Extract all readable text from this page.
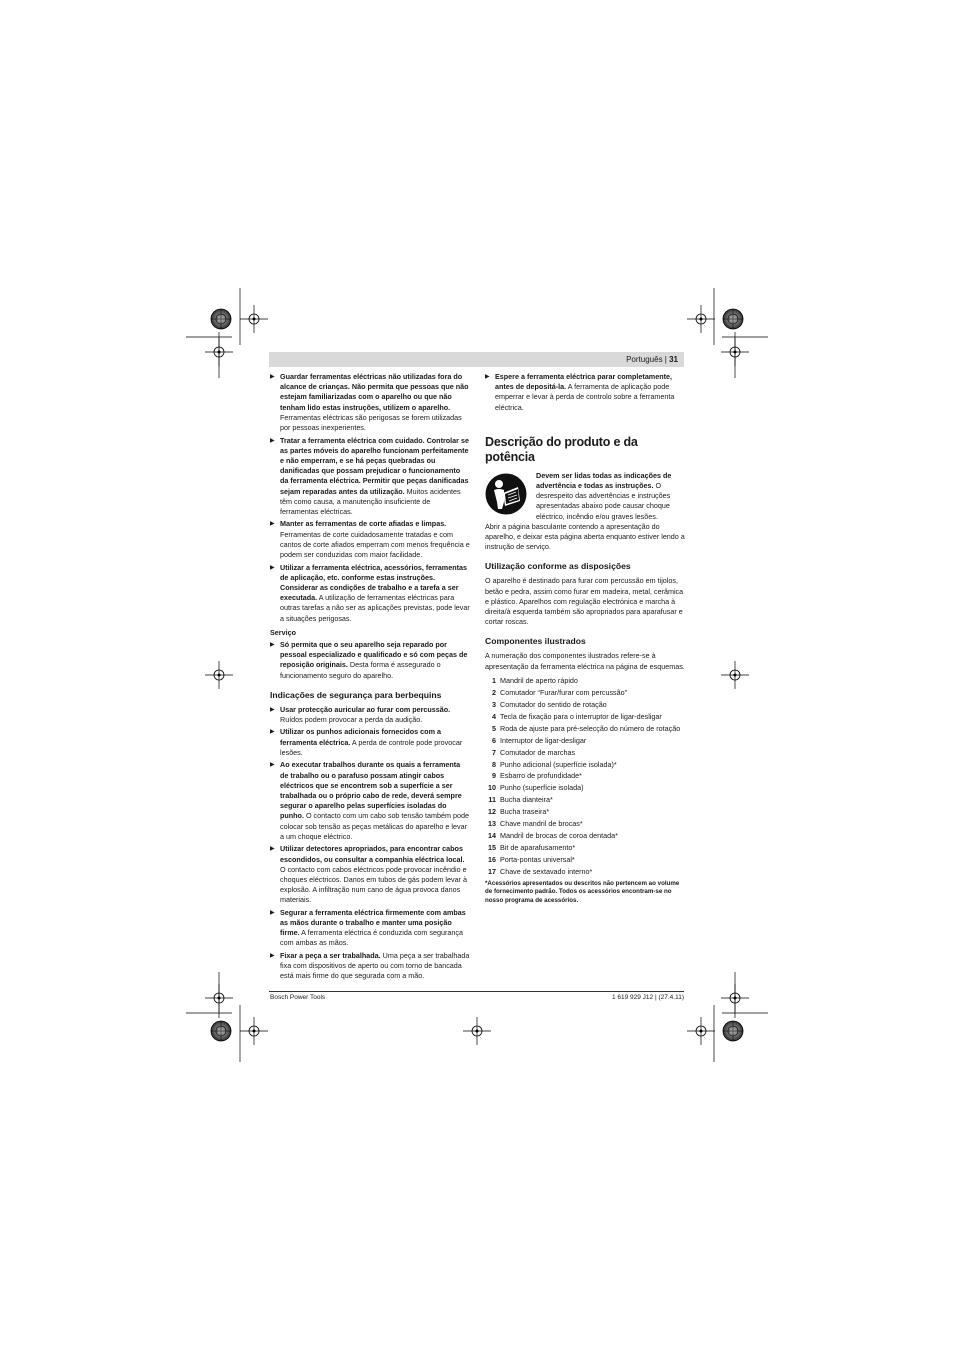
Português | 31
▶ Guardar ferramentas eléctricas não utilizadas fora do alcance de crianças. Não permita que pessoas que não estejam familiarizadas com o aparelho ou que não tenham lido estas instruções, utilizem o aparelho. Ferramentas eléctricas são perigosas se forem utilizadas por pessoas inexperientes.
▶ Tratar a ferramenta eléctrica com cuidado. Controlar se as partes móveis do aparelho funcionam perfeitamente e não emperram, e se há peças quebradas ou danificadas que possam prejudicar o funcionamento da ferramenta eléctrica. Permitir que peças danificadas sejam reparadas antes da utilização. Muitos acidentes têm como causa, a manutenção insuficiente de ferramentas eléctricas.
▶ Manter as ferramentas de corte afiadas e limpas. Ferramentas de corte cuidadosamente tratadas e com cantos de corte afiados emperram com menos frequência e podem ser conduzidas com maior facilidade.
▶ Utilizar a ferramenta eléctrica, acessórios, ferramentas de aplicação, etc. conforme estas instruções. Considerar as condições de trabalho e a tarefa a ser executada. A utilização de ferramentas eléctricas para outras tarefas a não ser as aplicações previstas, pode levar a situações perigosas.
Serviço
▶ Só permita que o seu aparelho seja reparado por pessoal especializado e qualificado e só com peças de reposição originais. Desta forma é assegurado o funcionamento seguro do aparelho.
Indicações de segurança para berbequins
▶ Usar protecção auricular ao furar com percussão. Ruídos podem provocar a perda da audição.
▶ Utilizar os punhos adicionais fornecidos com a ferramenta eléctrica. A perda de controle pode provocar lesões.
▶ Ao executar trabalhos durante os quais a ferramenta de trabalho ou o parafuso possam atingir cabos eléctricos que se encontrem sob a superfície a ser trabalhada ou o próprio cabo de rede, deverá sempre segurar o aparelho pelas superfícies isoladas do punho. O contacto com um cabo sob tensão também pode colocar sob tensão as peças metálicas do aparelho e levar a um choque eléctrico.
▶ Utilizar detectores apropriados, para encontrar cabos escondidos, ou consultar a companhia eléctrica local. O contacto com cabos eléctricos pode provocar incêndio e choques eléctricos. Danos em tubos de gás podem levar à explosão. A infiltração num cano de água provoca danos materiais.
▶ Segurar a ferramenta eléctrica firmemente com ambas as mãos durante o trabalho e manter uma posição firme. A ferramenta eléctrica é conduzida com segurança com ambas as mãos.
▶ Fixar a peça a ser trabalhada. Uma peça a ser trabalhada fixa com dispositivos de aperto ou com torno de bancada está mais firme do que segurada com a mão.
▶ Espere a ferramenta eléctrica parar completamente, antes de depositá-la. A ferramenta de aplicação pode emperrar e levar à perda de controlo sobre a ferramenta eléctrica.
Descrição do produto e da potência
Devem ser lidas todas as indicações de advertência e todas as instruções. O desrespeito das advertências e instruções apresentadas abaixo pode causar choque eléctrico, incêndio e/ou graves lesões.
Abrir a página basculante contendo a apresentação do aparelho, e deixar esta página aberta enquanto estiver lendo a instrução de serviço.
Utilização conforme as disposições
O aparelho é destinado para furar com percussão em tijolos, betão e pedra, assim como furar em madeira, metal, cerâmica e plástico. Aparelhos com regulação electrónica e marcha à direita/à esquerda também são apropriados para aparafusar e cortar roscas.
Componentes ilustrados
A numeração dos componentes ilustrados refere-se à apresentação da ferramenta eléctrica na página de esquemas.
1 Mandril de aperto rápido
2 Comutador “Furar/furar com percussão”
3 Comutador do sentido de rotação
4 Tecla de fixação para o interruptor de ligar-desligar
5 Roda de ajuste para pré-selecção do número de rotação
6 Interruptor de ligar-desligar
7 Comutador de marchas
8 Punho adicional (superfície isolada)*
9 Esbarro de profundidade*
10 Punho (superfície isolada)
11 Bucha dianteira*
12 Bucha traseira*
13 Chave mandril de brocas*
14 Mandril de brocas de coroa dentada*
15 Bit de aparafusamento*
16 Porta-pontas universal*
17 Chave de sextavado interno*
*Acessórios apresentados ou descritos não pertencem ao volume de fornecimento padrão. Todos os acessórios encontram-se no nosso programa de acessórios.
Bosch Power Tools	1 619 929 J12 | (27.4.11)
